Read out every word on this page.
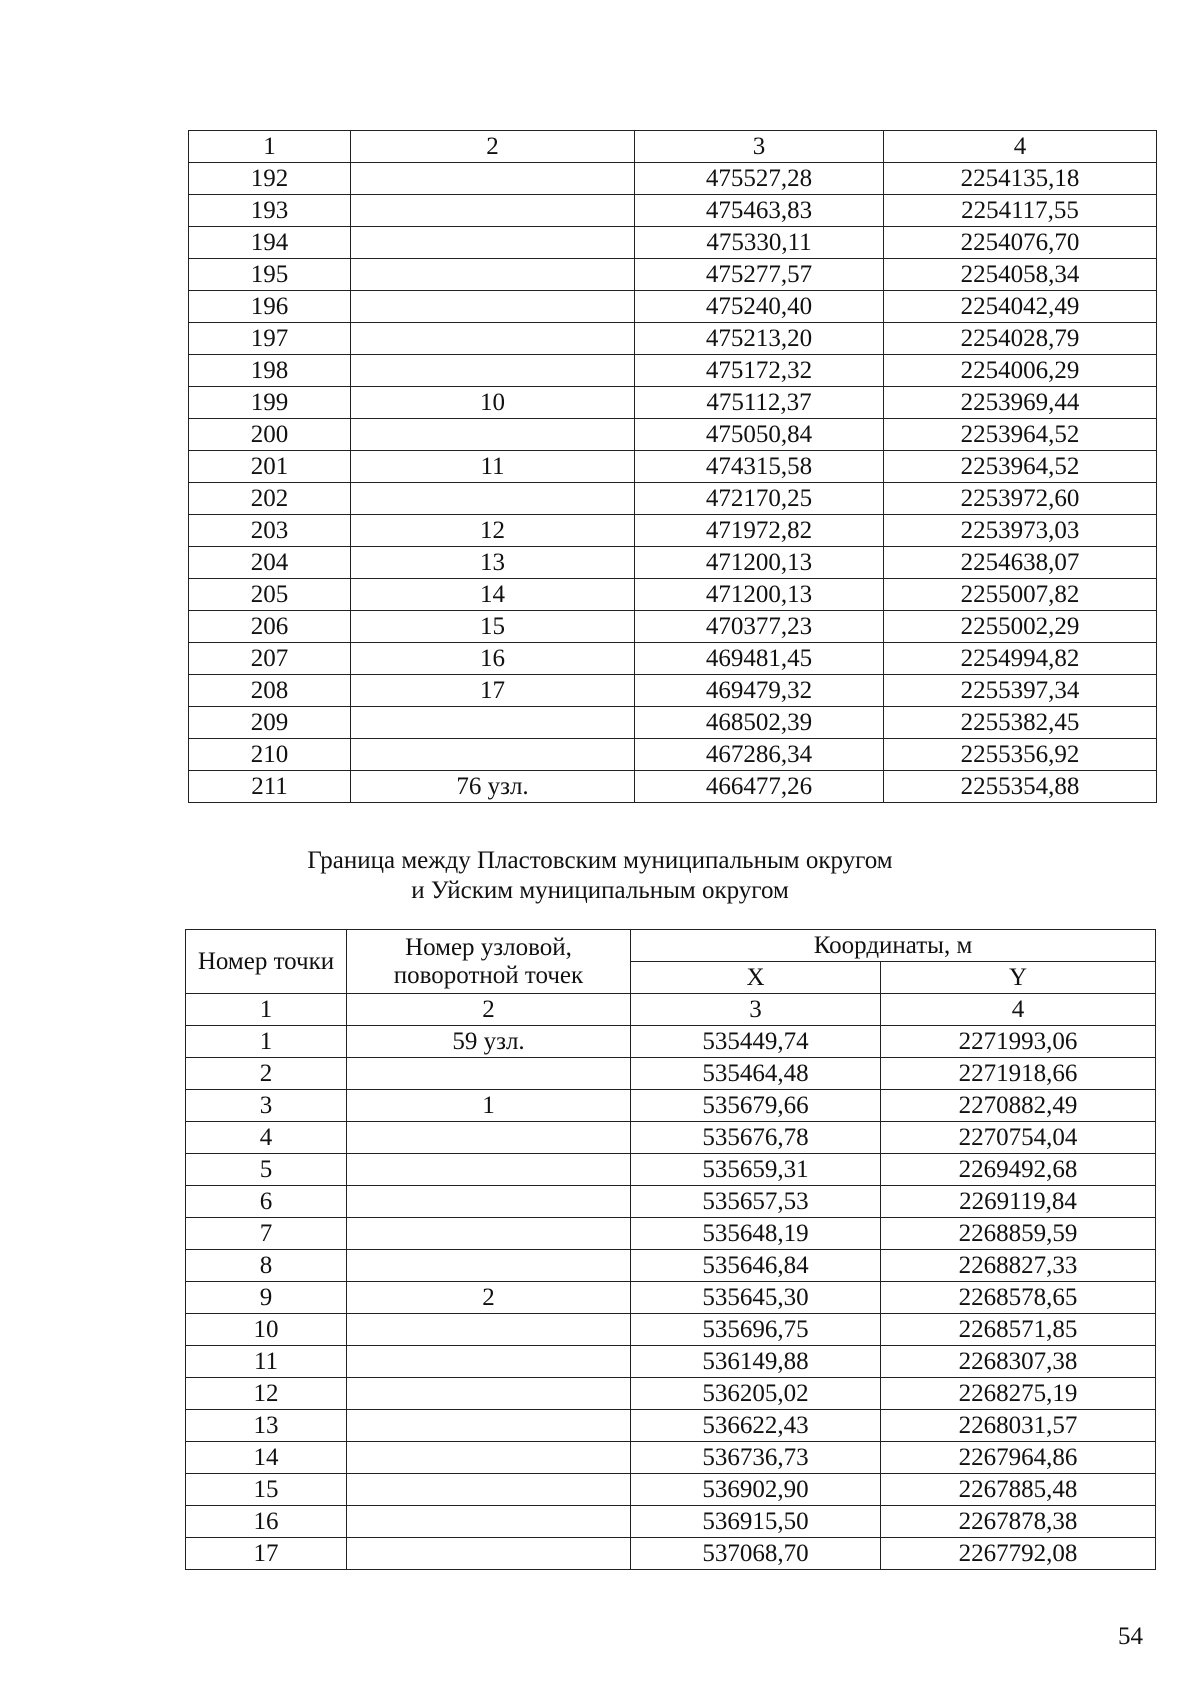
1	2	3	4
192		475527,28	2254135,18
193		475463,83	2254117,55
194		475330,11	2254076,70
195		475277,57	2254058,34
196		475240,40	2254042,49
197		475213,20	2254028,79
198		475172,32	2254006,29
199	10	475112,37	2253969,44
200		475050,84	2253964,52
201	11	474315,58	2253964,52
202		472170,25	2253972,60
203	12	471972,82	2253973,03
204	13	471200,13	2254638,07
205	14	471200,13	2255007,82
206	15	470377,23	2255002,29
207	16	469481,45	2254994,82
208	17	469479,32	2255397,34
209		468502,39	2255382,45
210		467286,34	2255356,92
211	76 узл.	466477,26	2255354,88
Граница между Пластовским муниципальным округом
и Уйским муниципальным округом
Номер точки	Номер узловой, поворотной точек	Координаты, м	
		X	Y
1	2	3	4
1	59 узл.	535449,74	2271993,06
2		535464,48	2271918,66
3	1	535679,66	2270882,49
4		535676,78	2270754,04
5		535659,31	2269492,68
6		535657,53	2269119,84
7		535648,19	2268859,59
8		535646,84	2268827,33
9	2	535645,30	2268578,65
10		535696,75	2268571,85
11		536149,88	2268307,38
12		536205,02	2268275,19
13		536622,43	2268031,57
14		536736,73	2267964,86
15		536902,90	2267885,48
16		536915,50	2267878,38
17		537068,70	2267792,08
54
